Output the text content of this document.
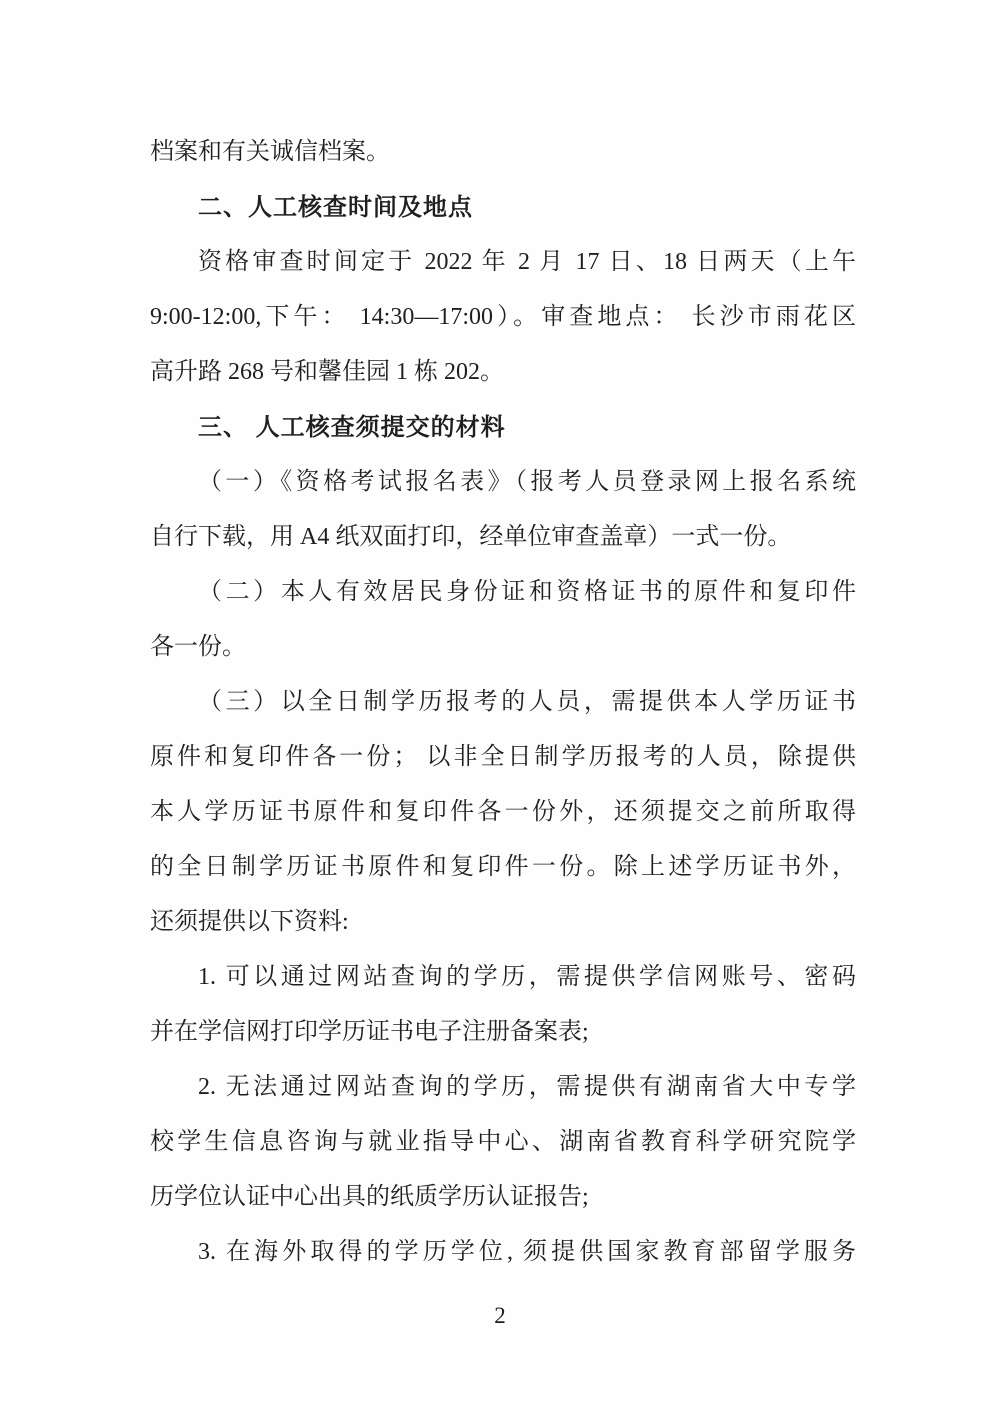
档案和有关诚信档案。
二、人工核查时间及地点
资格审查时间定于 2022 年 2 月 17 日、18 日两天（上午
9:00-12:00,下午： 14:30—17:00）。审查地点： 长沙市雨花区
高升路 268 号和馨佳园 1 栋 202。
三、 人工核查须提交的材料
（一）《资格考试报名表》（报考人员登录网上报名系统
自行下载，用 A4 纸双面打印，经单位审查盖章）一式一份。
（二）本人有效居民身份证和资格证书的原件和复印件
各一份。
（三）以全日制学历报考的人员，需提供本人学历证书
原件和复印件各一份； 以非全日制学历报考的人员，除提供
本人学历证书原件和复印件各一份外，还须提交之前所取得
的全日制学历证书原件和复印件一份。除上述学历证书外，
还须提供以下资料:
1. 可以通过网站查询的学历，需提供学信网账号、密码
并在学信网打印学历证书电子注册备案表;
2. 无法通过网站查询的学历，需提供有湖南省大中专学
校学生信息咨询与就业指导中心、湖南省教育科学研究院学
历学位认证中心出具的纸质学历认证报告;
3. 在海外取得的学历学位, 须提供国家教育部留学服务
2
